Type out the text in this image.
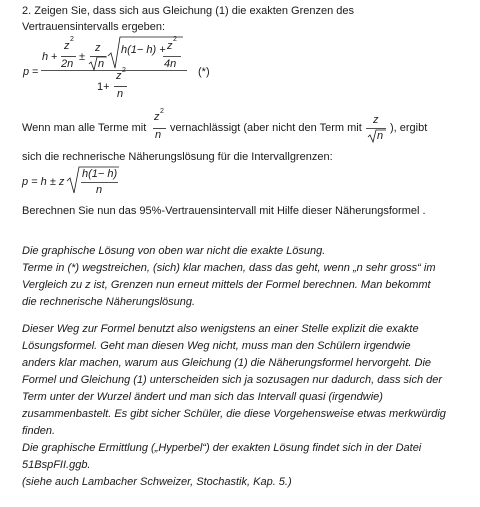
2. Zeigen Sie, dass sich aus Gleichung (1) die exakten Grenzen des
Vertrauensintervalls ergeben:
p =
h +
z
2
2n
±
z
n
h(1− h) + z
2
4n
(*)
1+
z 2
n
Wenn man alle Terme mit
z 2
n
vernachlässigt (aber nicht den Term mit
z
n
), ergibt
sich die rechnerische Näherungslösung für die Intervallgrenzen:
p = h ± z
h(1− h)
n
Berechnen Sie nun das 95%-Vertrauensintervall mit Hilfe dieser Näherungsformel .
Die graphische Lösung von oben war nicht die exakte Lösung.
Terme in (*) wegstreichen, (sich) klar machen, dass das geht, wenn „n sehr gross“ im
Vergleich zu z ist, Grenzen nun erneut mittels der Formel berechnen. Man bekommt
die rechnerische Näherungslösung.
Dieser Weg zur Formel benutzt also wenigstens an einer Stelle explizit die exakte
Lösungsformel. Geht man diesen Weg nicht, muss man den Schülern irgendwie
anders klar machen, warum aus Gleichung (1) die Näherungsformel hervorgeht. Die
Formel und Gleichung (1) unterscheiden sich ja sozusagen nur dadurch, dass sich der
Term unter der Wurzel ändert und man sich das Intervall quasi (irgendwie)
zusammenbastelt. Es gibt sicher Schüler, die diese Vorgehensweise etwas merkwürdig
finden.
Die graphische Ermittlung („Hyperbel“) der exakten Lösung findet sich in der Datei
51BspFII.ggb.
(siehe auch Lambacher Schweizer, Stochastik, Kap. 5.)
